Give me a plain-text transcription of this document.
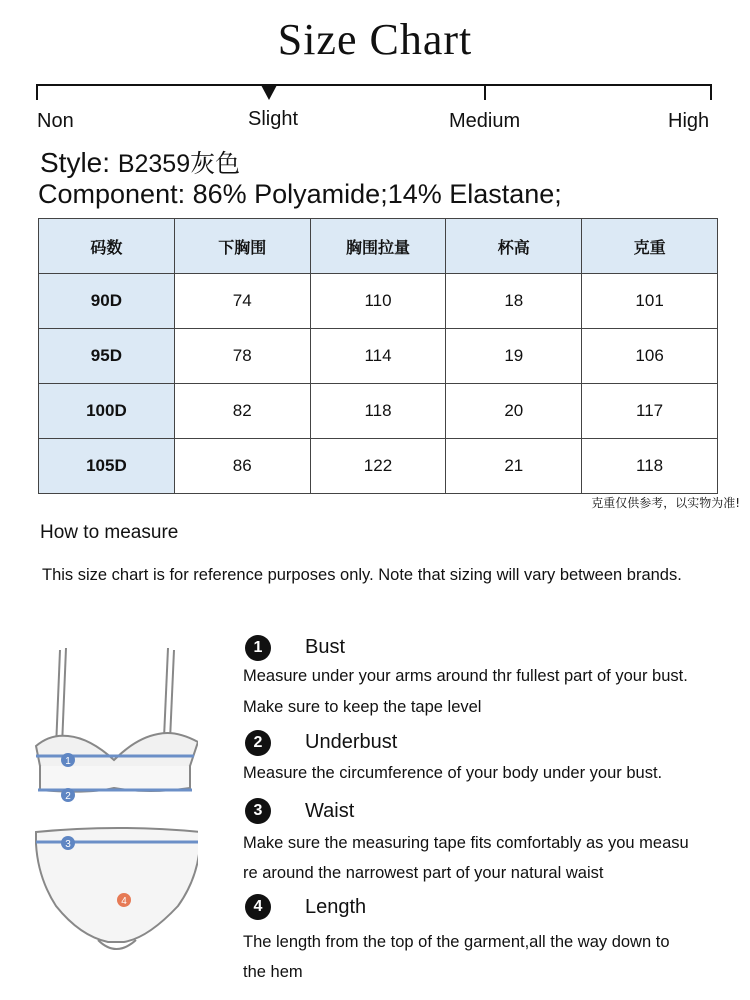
Size Chart
Non	Slight	Medium	High
Style: B2359灰色
Component: 86% Polyamide;14% Elastane;
码数	下胸围	胸围拉量	杯高	克重
90D	74	110	18	101
95D	78	114	19	106
100D	82	118	20	117
105D	86	122	21	118
克重仅供参考，以实物为准!
How to measure
This size chart is for reference purposes only. Note that sizing will vary between brands.
1
2
3
4
1	Bust
Measure under your arms around thr fullest part of your bust.
Make sure to keep the tape level
2	Underbust
Measure the circumference of your body under your bust.
3	Waist
Make sure the measuring tape fits comfortably as you measu
re around the narrowest part of your natural waist
4	Length
The length from the top of the garment,all the way down to
the hem
